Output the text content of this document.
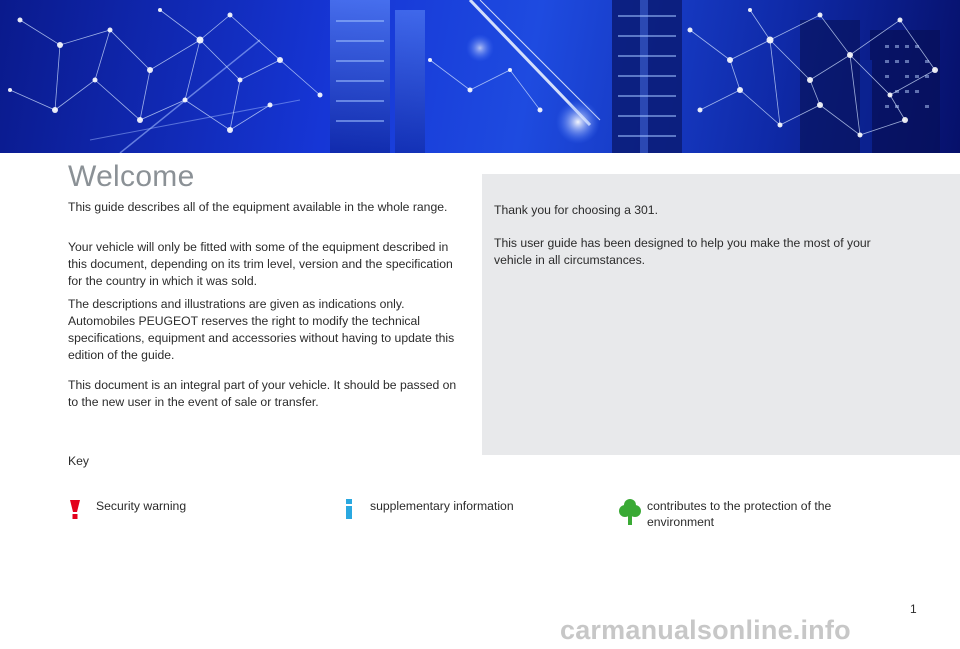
Welcome

This guide describes all of the equipment available in the whole range.

Your vehicle will only be fitted with some of the equipment described in this document, depending on its trim level, version and the specification for the country in which it was sold.

The descriptions and illustrations are given as indications only. Automobiles PEUGEOT reserves the right to modify the technical specifications, equipment and accessories without having to update this edition of the guide.

This document is an integral part of your vehicle. It should be passed on to the new user in the event of sale or transfer.

Thank you for choosing a 301.

This user guide has been designed to help you make the most of your vehicle in all circumstances.

Key
Security warning	supplementary information	contributes to the protection of the environment
1
carmanualsonline.info
